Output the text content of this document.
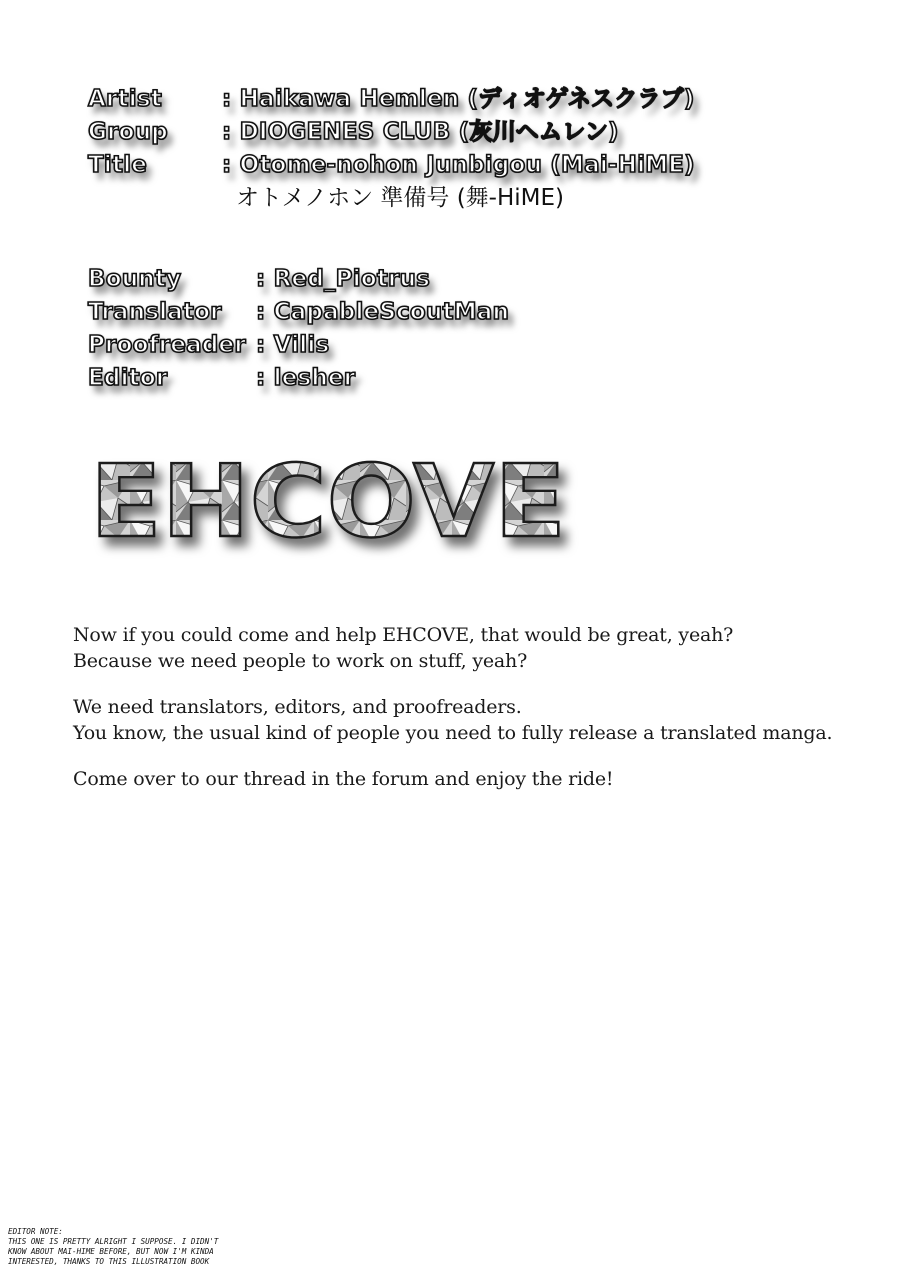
Artist	: Haikawa Hemlen (ディオゲネスクラブ)
Group : DIOGENES CLUB (灰川ヘムレン)
Title	: Otome-nohon Junbigou (Mai-HiME)
オトメノホン 準備号 (舞-HiME)
Bounty	: Red_Piotrus
Translator : CapableScoutMan
Proofreader : Vilis
Editor	: lesher
EHCOVE

Now if you could come and help EHCOVE, that would be great, yeah?

Because we need people to work on stuff, yeah?

We need translators, editors, and proofreaders.

You know, the usual kind of people you need to fully release a translated manga.

Come over to our thread in the forum and enjoy the ride!

EDITOR NOTE:
THIS ONE IS PRETTY ALRIGHT I SUPPOSE. I DIDN'T
KNOW ABOUT MAI-HIME BEFORE, BUT NOW I'M KINDA
INTERESTED, THANKS TO THIS ILLUSTRATION BOOK
